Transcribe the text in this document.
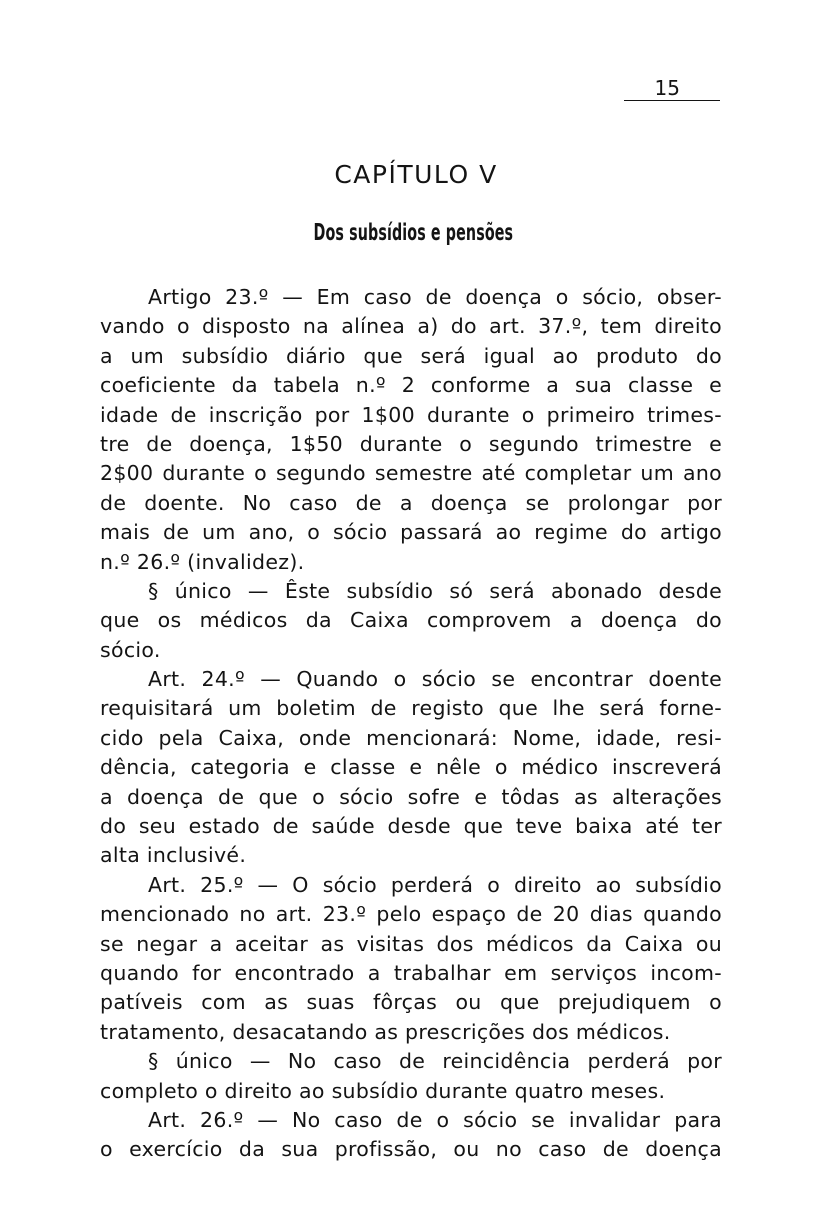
15
CAPÍTULO V
Dos subsídios e pensões
Artigo 23.º — Em caso de doença o sócio, obser-
vando o disposto na alínea a) do art. 37.º, tem direito
a um subsídio diário que será igual ao produto do
coeficiente da tabela n.º 2 conforme a sua classe e
idade de inscrição por 1$00 durante o primeiro trimes-
tre de doença, 1$50 durante o segundo trimestre e
2$00 durante o segundo semestre até completar um ano
de doente. No caso de a doença se prolongar por
mais de um ano, o sócio passará ao regime do artigo
n.º 26.º (invalidez).
§ único — Êste subsídio só será abonado desde
que os médicos da Caixa comprovem a doença do
sócio.
Art. 24.º — Quando o sócio se encontrar doente
requisitará um boletim de registo que lhe será forne-
cido pela Caixa, onde mencionará: Nome, idade, resi-
dência, categoria e classe e nêle o médico inscreverá
a doença de que o sócio sofre e tôdas as alterações
do seu estado de saúde desde que teve baixa até ter
alta inclusivé.
Art. 25.º — O sócio perderá o direito ao subsídio
mencionado no art. 23.º pelo espaço de 20 dias quando
se negar a aceitar as visitas dos médicos da Caixa ou
quando for encontrado a trabalhar em serviços incom-
patíveis com as suas fôrças ou que prejudiquem o
tratamento, desacatando as prescrições dos médicos.
§ único — No caso de reincidência perderá por
completo o direito ao subsídio durante quatro meses.
Art. 26.º — No caso de o sócio se invalidar para
o exercício da sua profissão, ou no caso de doença
